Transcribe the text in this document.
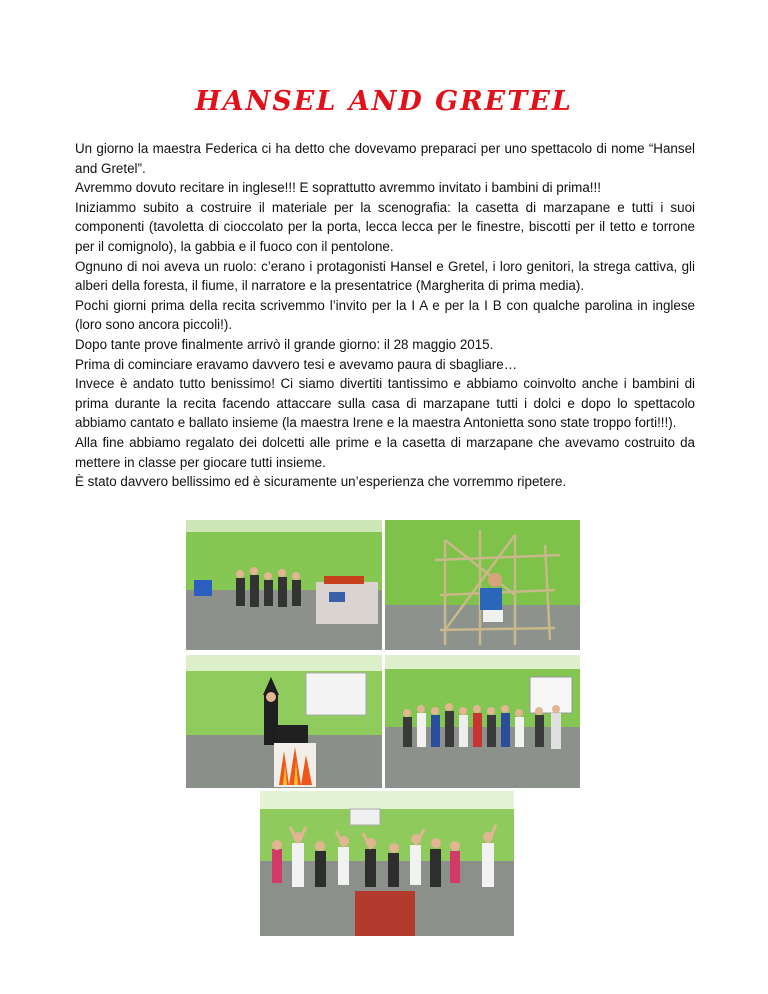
HANSEL AND GRETEL

Un giorno la maestra Federica ci ha detto che dovevamo preparaci per uno spettacolo di nome “Hansel and Gretel”.

Avremmo dovuto recitare in inglese!!! E soprattutto avremmo invitato i bambini di prima!!!

Iniziammo subito a costruire il materiale per la scenografia: la casetta di marzapane e tutti i suoi componenti (tavoletta di cioccolato per la porta, lecca lecca per le finestre, biscotti per il tetto e torrone per il comignolo), la gabbia e il fuoco con il pentolone.

Ognuno di noi aveva un ruolo: c’erano i protagonisti Hansel e Gretel, i loro genitori, la strega cattiva, gli alberi della foresta, il fiume, il narratore e la presentatrice (Margherita di prima media).

Pochi giorni prima della recita scrivemmo l’invito per la I A e per la I B con qualche parolina in inglese (loro sono ancora piccoli!).

Dopo tante prove finalmente arrivò il grande giorno: il 28 maggio 2015.

Prima di cominciare eravamo davvero tesi e avevamo paura di sbagliare…

Invece è andato tutto benissimo! Ci siamo divertiti tantissimo e abbiamo coinvolto anche i bambini di prima durante la recita facendo attaccare sulla casa di marzapane tutti i dolci e dopo lo spettacolo abbiamo cantato e ballato insieme (la maestra Irene e la maestra Antonietta sono state troppo forti!!!).

Alla fine abbiamo regalato dei dolcetti alle prime e la casetta di marzapane che avevamo costruito da mettere in classe per giocare tutti insieme.

È stato davvero bellissimo ed è sicuramente un’esperienza che vorremmo ripetere.
